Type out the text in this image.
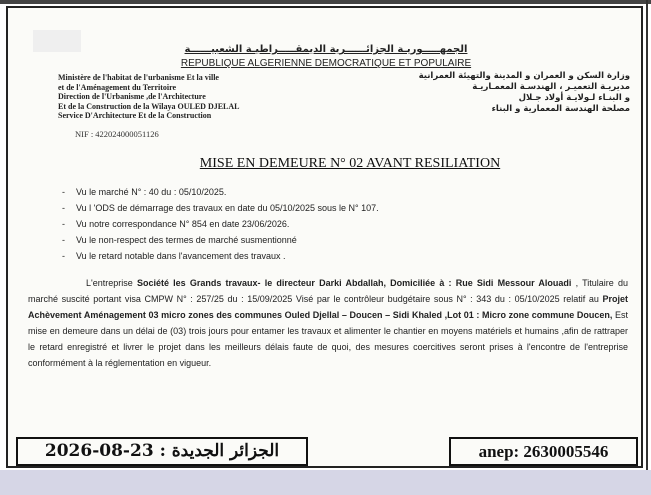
الجمهـــــوريـة الجزائــــــرية الديمقـــــراطيـة الشعبيــــــة
REPUBLIQUE ALGERIENNE DEMOCRATIQUE ET POPULAIRE
Ministère de l'habitat de l'urbanisme Et la ville
et de l'Aménagement du Territoire
Direction de l'Urbanisme ,de l'Architecture
Et de la Construction de la Wilaya OULED DJELAL
Service D'Architecture Et de la Construction
وزارة السكن و العمران و المدينة والتهيئة العمرانية
مديريـة التعميـر ، الهندسـة المعمـاريـة
و البنـاء لـولايـة أولاد جـلال
مصلحة الهندسة المعمارية و البناء
NIF : 422024000051126
MISE EN DEMEURE N° 02 AVANT RESILIATION
- Vu le marché N° : 40 du : 05/10/2025.
- Vu l 'ODS de démarrage des travaux en date du 05/10/2025 sous le N° 107.
- Vu notre correspondance N° 854 en date 23/06/2026.
- Vu le non-respect des termes de marché susmentionné
- Vu le retard notable dans l'avancement des travaux .

L'entreprise Société les Grands travaux- le directeur Darki Abdallah, Domiciliée à : Rue Sidi Messour Alouadi , Titulaire du marché suscité portant visa CMPW N° : 257/25 du : 15/09/2025 Visé par le contrôleur budgétaire sous N° : 343 du : 05/10/2025 relatif au Projet Achèvement Aménagement 03 micro zones des communes Ouled Djellal – Doucen – Sidi Khaled ,Lot 01 : Micro zone commune Doucen, Est mise en demeure dans un délai de (03) trois jours pour entamer les travaux et alimenter le chantier en moyens matériels et humains ,afin de rattraper le retard enregistré et livrer le projet dans les meilleurs délais faute de quoi, des mesures coercitives seront prises à l'encontre de l'entreprise conformément à la réglementation en vigueur.

الجزائر الجديدة : 23-08-2026	anep: 2630005546
